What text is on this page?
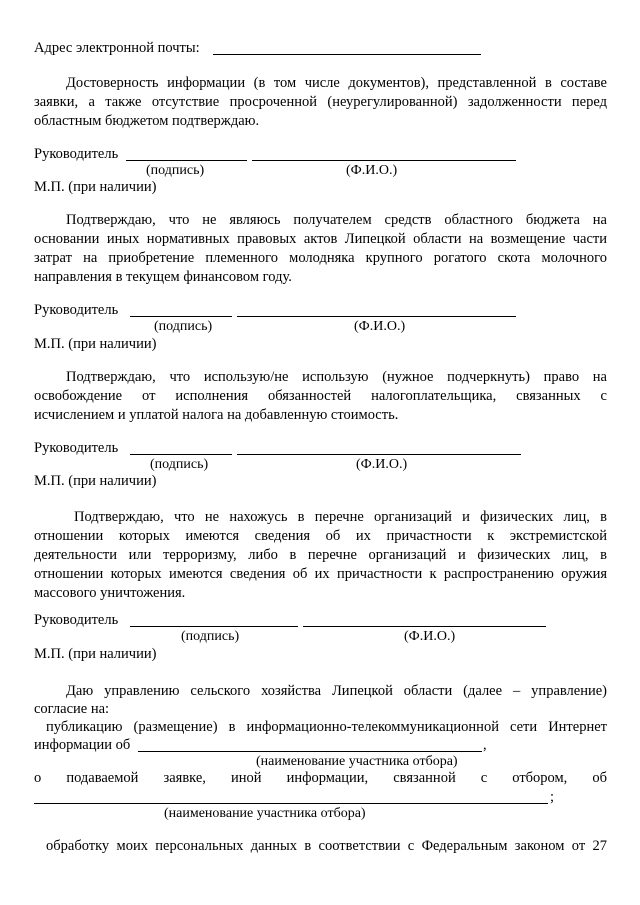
Адрес электронной почты:
Достоверность информации (в том числе документов), представленной в составе
заявки, а также отсутствие просроченной (неурегулированной) задолженности перед
областным бюджетом подтверждаю.
Руководитель
(подпись)	(Ф.И.О.)
М.П. (при наличии)
Подтверждаю, что не являюсь получателем средств областного бюджета на
основании иных нормативных правовых актов Липецкой области на возмещение части
затрат на приобретение племенного молодняка крупного рогатого скота молочного
направления в текущем финансовом году.
Руководитель
(подпись)	(Ф.И.О.)
М.П. (при наличии)
Подтверждаю, что использую/не использую (нужное подчеркнуть) право на
освобождение от исполнения обязанностей налогоплательщика, связанных с
исчислением и уплатой налога на добавленную стоимость.
Руководитель
(подпись)	(Ф.И.О.)
М.П. (при наличии)
Подтверждаю, что не нахожусь в перечне организаций и физических лиц, в
отношении которых имеются сведения об их причастности к экстремистской
деятельности или терроризму, либо в перечне организаций и физических лиц, в
отношении которых имеются сведения об их причастности к распространению оружия
массового уничтожения.
Руководитель
(подпись)	(Ф.И.О.)
М.П. (при наличии)
Даю управлению сельского хозяйства Липецкой области (далее – управление)
согласие на:
публикацию (размещение) в информационно-телекоммуникационной сети Интернет
информации об	,
(наименование участника отбора)
о подаваемой заявке, иной информации, связанной с отбором, об
;
(наименование участника отбора)
обработку моих персональных данных в соответствии с Федеральным законом от 27
